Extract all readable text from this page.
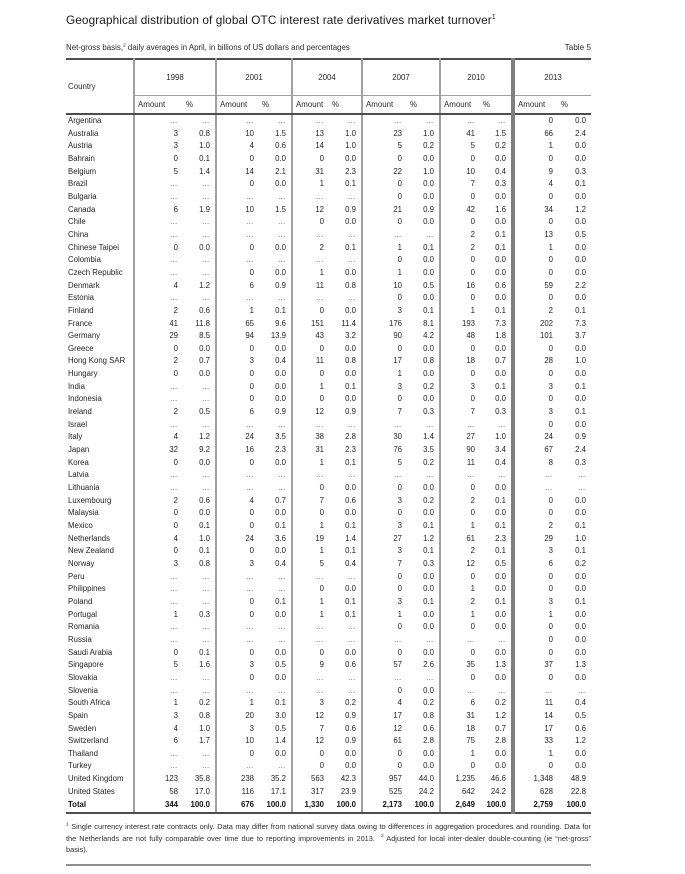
Geographical distribution of global OTC interest rate derivatives market turnover$^1$
Net-gross basis,$^2$ daily averages in April, in billions of US dollars and percentages	Table 5
Country	1998		2001		2004		2007		2010		2013	
	Amount	%	Amount	%	Amount	%	Amount	%	Amount	%	Amount	%
Argentina	…	…	…	…	…	…	…	…	…	…	0	0.0
Australia	3	0.8	10	1.5	13	1.0	23	1.0	41	1.5	66	2.4
Austria	3	1.0	4	0.6	14	1.0	5	0.2	5	0.2	1	0.0
Bahrain	0	0.1	0	0.0	0	0.0	0	0.0	0	0.0	0	0.0
Belgium	5	1.4	14	2.1	31	2.3	22	1.0	10	0.4	9	0.3
Brazil	…	…	0	0.0	1	0.1	0	0.0	7	0.3	4	0.1
Bulgaria	…	…	…	…	…	…	0	0.0	0	0.0	0	0.0
Canada	6	1.9	10	1.5	12	0.9	21	0.9	42	1.6	34	1.2
Chile	…	…	…	…	0	0.0	0	0.0	0	0.0	0	0.0
China	…	…	…	…	…	…	…	…	2	0.1	13	0.5
Chinese Taipei	0	0.0	0	0.0	2	0.1	1	0.1	2	0.1	1	0.0
Colombia	…	…	…	…	…	…	0	0.0	0	0.0	0	0.0
Czech Republic	…	…	0	0.0	1	0.0	1	0.0	0	0.0	0	0.0
Denmark	4	1.2	6	0.9	11	0.8	10	0.5	16	0.6	59	2.2
Estonia	…	…	…	…	…	…	0	0.0	0	0.0	0	0.0
Finland	2	0.6	1	0.1	0	0.0	3	0.1	1	0.1	2	0.1
France	41	11.8	65	9.6	151	11.4	176	8.1	193	7.3	202	7.3
Germany	29	8.5	94	13.9	43	3.2	90	4.2	48	1.8	101	3.7
Greece	0	0.0	0	0.0	0	0.0	0	0.0	0	0.0	0	0.0
Hong Kong SAR	2	0.7	3	0.4	11	0.8	17	0.8	18	0.7	28	1.0
Hungary	0	0.0	0	0.0	0	0.0	1	0.0	0	0.0	0	0.0
India	…	…	0	0.0	1	0.1	3	0.2	3	0.1	3	0.1
Indonesia	…	…	0	0.0	0	0.0	0	0.0	0	0.0	0	0.0
Ireland	2	0.5	6	0.9	12	0.9	7	0.3	7	0.3	3	0.1
Israel	…	…	…	…	…	…	…	…	…	…	0	0.0
Italy	4	1.2	24	3.5	38	2.8	30	1.4	27	1.0	24	0.9
Japan	32	9.2	16	2.3	31	2.3	76	3.5	90	3.4	67	2.4
Korea	0	0.0	0	0.0	1	0.1	5	0.2	11	0.4	8	0.3
Latvia	…	…	…	…	…	…	…	…	…	…	…	…
Lithuania	…	…	…	…	0	0.0	0	0.0	0	0.0	…	…
Luxembourg	2	0.6	4	0.7	7	0.6	3	0.2	2	0.1	0	0.0
Malaysia	0	0.0	0	0.0	0	0.0	0	0.0	0	0.0	0	0.0
Mexico	0	0.1	0	0.1	1	0.1	3	0.1	1	0.1	2	0.1
Netherlands	4	1.0	24	3.6	19	1.4	27	1.2	61	2.3	29	1.0
New Zealand	0	0.1	0	0.0	1	0.1	3	0.1	2	0.1	3	0.1
Norway	3	0.8	3	0.4	5	0.4	7	0.3	12	0.5	6	0.2
Peru	…	…	…	…	…	…	0	0.0	0	0.0	0	0.0
Philippines	…	…	…	…	0	0.0	0	0.0	1	0.0	0	0.0
Poland	…	…	0	0.1	1	0.1	3	0.1	2	0.1	3	0.1
Portugal	1	0.3	0	0.0	1	0.1	1	0.0	1	0.0	1	0.0
Romania	…	…	…	…	…	…	0	0.0	0	0.0	0	0.0
Russia	…	…	…	…	…	…	…	…	…	…	0	0.0
Saudi Arabia	0	0.1	0	0.0	0	0.0	0	0.0	0	0.0	0	0.0
Singapore	5	1.6	3	0.5	9	0.6	57	2.6	35	1.3	37	1.3
Slovakia	…	…	0	0.0	…	…	…	…	0	0.0	0	0.0
Slovenia	…	…	…	…	…	…	0	0.0	…	…	…	…
South Africa	1	0.2	1	0.1	3	0.2	4	0.2	6	0.2	11	0.4
Spain	3	0.8	20	3.0	12	0.9	17	0.8	31	1.2	14	0.5
Sweden	4	1.0	3	0.5	7	0.6	12	0.6	18	0.7	17	0.6
Switzerland	6	1.7	10	1.4	12	0.9	61	2.8	75	2.8	33	1.2
Thailand	…	…	0	0.0	0	0.0	0	0.0	1	0.0	1	0.0
Turkey	…	…	…	…	0	0.0	0	0.0	0	0.0	0	0.0
United Kingdom	123	35.8	238	35.2	563	42.3	957	44.0	1,235	46.6	1,348	48.9
United States	58	17.0	116	17.1	317	23.9	525	24.2	642	24.2	628	22.8
Total	344	100.0	676	100.0	1,330	100.0	2,173	100.0	2,649	100.0	2,759	100.0
$^1$ Single currency interest rate contracts only. Data may differ from national survey data owing to differences in aggregation procedures and rounding. Data for the Netherlands are not fully comparable over time due to reporting improvements in 2013. $^2$ Adjusted for local inter-dealer double-counting (ie “net-gross” basis).
